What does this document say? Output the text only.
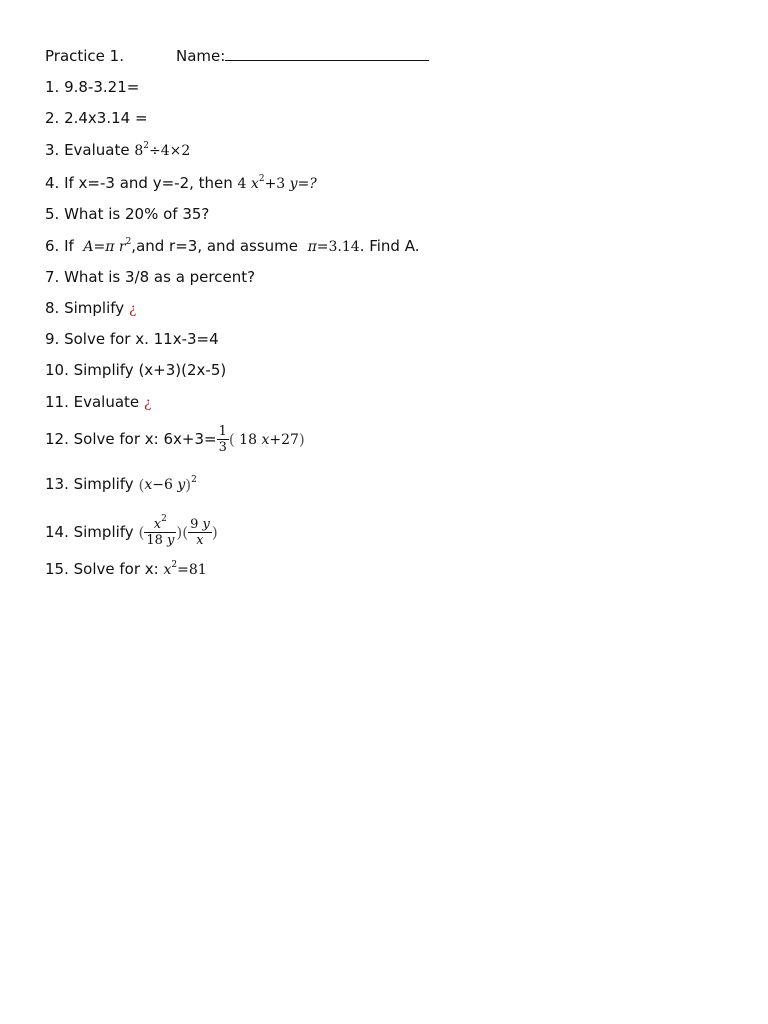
Practice 1.	Name:
1. 9.8-3.21=
2. 2.4x3.14 =
3. Evaluate $8^2\div 4\times 2$
4. If x=-3 and y=-2, then 4 $x^2+3$ y=?
5. What is 20% of 35?
6. If  A=π $r^2,and$ r=3, and assume  π=3.14. Find A.
7. What is 3/8 as a percent?
8. Simplify ¿
9. Solve for x. 11x-3=4
10. Simplify (x+3)(2x-5)
11. Evaluate ¿
12. Solve for x: $6x+3= \frac{1}{3}$ ( 18 x+27)
13. Simplify (x−6 y)$^2$
14. Simplify ( $\frac{x^2}{18 y}$ )( $\frac{9 y}{x}$ )
15. Solve for x: $x^2=81$
